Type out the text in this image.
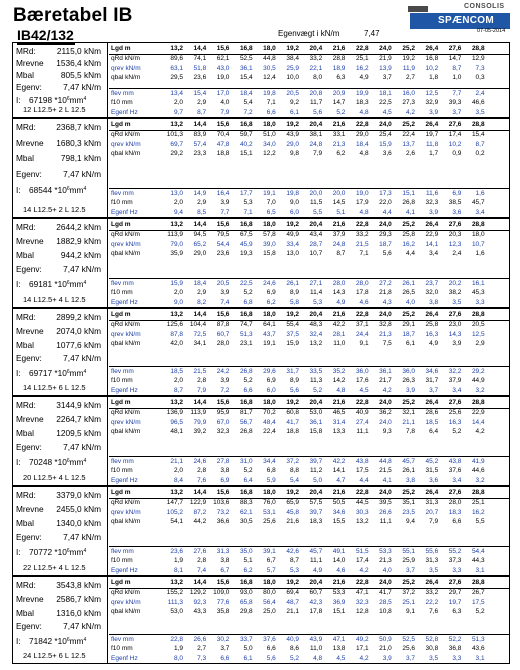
Bæretabel IB
IB42/132	Egenvægt i kN/m	7,47
CONSOLIS
SPÆNCOM
07-05-2014
MRd:	2115,0 kNm
Mrevne 1536,4 kNm
Mbal	805,5 kNm
Egenv:	7,47 kN/m
I: 67198 $*10^6mm^4$
12 L12.5+ 2 L 12.5
Lgd m	13,2	14,4	15,6	16,8	18,0	19,2	20,4	21,6	22,8	24,0	25,2	26,4	27,6	28,8
qRd kN/m	89,6	74,1	62,1	52,5	44,8	38,4	33,2	28,8	25,1	21,9	19,2	16,8	14,7	12,9
qrev kN/m	63,1	51,8	43,0	36,1	30,5	25,9	22,1	18,9	16,2	13,9	11,9	10,2	8,7	7,3
qbal kN/m	29,5	23,6	19,0	15,4	12,4	10,0	8,0	6,3	4,9	3,7	2,7	1,8	1,0	0,3
flev mm	13,4	15,4	17,0	18,4	19,8	20,5	20,8	20,9	19,9	18,1	16,0	12,5	7,7	2,4
f10 mm	2,0	2,9	4,0	5,4	7,1	9,2	11,7	14,7	18,3	22,5	27,3	32,9	39,3	46,6
Egenf Hz	9,7	8,7	7,9	7,2	6,6	6,1	5,6	5,2	4,8	4,5	4,2	3,9	3,7	3,5
MRd: 2368,7 kNm
Mrevne 1680,3 kNm
Mbal	798,1 kNm
Egenv:	7,47 kN/m
I: 68544 $*10^6mm^4$
14 L12.5+ 2 L 12.5
Lgd m	13,2	14,4	15,6	16,8	18,0	19,2	20,4	21,6	22,8	24,0	25,2	26,4	27,6	28,8
qRd kN/m	101,3	83,9	70,4	59,7	51,0	43,9	38,1	33,1	29,0	25,4	22,4	19,7	17,4	15,4
qrev kN/m	69,7	57,4	47,8	40,2	34,0	29,0	24,8	21,3	18,4	15,9	13,7	11,8	10,2	8,7
qbal kN/m	29,2	23,3	18,8	15,1	12,2	9,8	7,9	6,2	4,8	3,6	2,6	1,7	0,9	0,2
flev mm	13,0	14,9	16,4	17,7	19,1	19,8	20,0	20,0	19,0	17,3	15,1	11,6	6,9	1,6
f10 mm	2,0	2,9	3,9	5,3	7,0	9,0	11,5	14,5	17,9	22,0	26,8	32,3	38,5	45,7
Egenf Hz	9,4	8,5	7,7	7,1	6,5	6,0	5,5	5,1	4,8	4,4	4,1	3,9	3,6	3,4
MRd: 2644,2 kNm
Mrevne 1882,9 kNm
Mbal	944,2 kNm
Egenv:	7,47 kN/m
I: 69181 $*10^6mm^4$
14 L12.5+ 4 L 12.5
Lgd m	13,2	14,4	15,6	16,8	18,0	19,2	20,4	21,6	22,8	24,0	25,2	26,4	27,6	28,8
qRd kN/m	113,9	94,5	79,5	67,5	57,8	49,9	43,4	37,9	33,2	29,3	25,8	22,9	20,3	18,0
qrev kN/m	79,0	65,2	54,4	45,9	39,0	33,4	28,7	24,8	21,5	18,7	16,2	14,1	12,3	10,7
qbal kN/m	35,9	29,0	23,6	19,3	15,8	13,0	10,7	8,7	7,1	5,6	4,4	3,4	2,4	1,6
flev mm	15,9	18,4	20,5	22,5	24,6	26,1	27,1	28,0	28,0	27,2	26,1	23,7	20,2	16,1
f10 mm	2,0	2,9	3,9	5,2	6,9	8,9	11,4	14,3	17,8	21,8	26,5	32,0	38,2	45,3
Egenf Hz	9,0	8,2	7,4	6,8	6,2	5,8	5,3	4,9	4,6	4,3	4,0	3,8	3,5	3,3
MRd: 2899,2 kNm
Mrevne 2074,0 kNm
Mbal	1077,6 kNm
Egenv:	7,47 kN/m
I: 69717 $*10^6mm^4$
14 L12.5+ 6 L 12.5
Lgd m	13,2	14,4	15,6	16,8	18,0	19,2	20,4	21,6	22,8	24,0	25,2	26,4	27,6	28,8
qRd kN/m	125,6	104,4	87,8	74,7	64,1	55,4	48,3	42,2	37,1	32,8	29,1	25,8	23,0	20,5
qrev kN/m	87,8	72,5	60,7	51,3	43,7	37,5	32,4	28,1	24,4	21,3	18,7	16,3	14,3	12,5
qbal kN/m	42,0	34,1	28,0	23,1	19,1	15,9	13,2	11,0	9,1	7,5	6,1	4,9	3,9	2,9
flev mm	18,5	21,5	24,2	26,8	29,6	31,7	33,5	35,2	36,0	36,1	36,0	34,6	32,2	29,2
f10 mm	2,0	2,8	3,9	5,2	6,9	8,9	11,3	14,2	17,6	21,7	26,3	31,7	37,9	44,9
Egenf Hz	8,7	7,9	7,2	6,6	6,0	5,6	5,2	4,8	4,5	4,2	3,9	3,7	3,4	3,2
MRd: 3144,9 kNm
Mrevne 2264,7 kNm
Mbal	1209,5 kNm
Egenv:	7,47 kN/m
I: 70248 $*10^6mm^4$
20 L12.5+ 4 L 12.5
Lgd m	13,2	14,4	15,6	16,8	18,0	19,2	20,4	21,6	22,8	24,0	25,2	26,4	27,6	28,8
qRd kN/m	136,9	113,9	95,9	81,7	70,2	60,8	53,0	46,5	40,9	36,2	32,1	28,6	25,6	22,9
qrev kN/m	96,5	79,9	67,0	56,7	48,4	41,7	36,1	31,4	27,4	24,0	21,1	18,5	16,3	14,4
qbal kN/m	48,1	39,2	32,3	26,8	22,4	18,8	15,8	13,3	11,1	9,3	7,8	6,4	5,2	4,2
flev mm	21,1	24,6	27,8	31,0	34,4	37,2	39,7	42,2	43,8	44,8	45,7	45,2	43,8	41,9
f10 mm	2,0	2,8	3,8	5,2	6,8	8,8	11,2	14,1	17,5	21,5	26,1	31,5	37,6	44,6
Egenf Hz	8,4	7,6	6,9	6,4	5,9	5,4	5,0	4,7	4,4	4,1	3,8	3,6	3,4	3,2
MRd: 3379,0 kNm
Mrevne 2455,0 kNm
Mbal	1340,0 kNm
Egenv:	7,47 kN/m
I: 70772 $*10^6mm^4$
22 L12.5+ 4 L 12.5
Lgd m	13,2	14,4	15,6	16,8	18,0	19,2	20,4	21,6	22,8	24,0	25,2	26,4	27,6	28,8
qRd kN/m	147,7	122,9	103,6	88,3	76,0	65,9	57,5	50,5	44,5	39,5	35,1	31,3	28,0	25,1
qrev kN/m	105,2	87,2	73,2	62,1	53,1	45,8	39,7	34,6	30,3	26,6	23,5	20,7	18,3	16,2
qbal kN/m	54,1	44,2	36,6	30,5	25,6	21,6	18,3	15,5	13,2	11,1	9,4	7,9	6,6	5,5
flev mm	23,6	27,6	31,3	35,0	39,1	42,6	45,7	49,1	51,5	53,3	55,1	55,6	55,2	54,4
f10 mm	1,9	2,8	3,8	5,1	6,7	8,7	11,1	14,0	17,4	21,3	25,9	31,3	37,3	44,3
Egenf Hz	8,1	7,4	6,7	6,2	5,7	5,3	4,9	4,6	4,2	4,0	3,7	3,5	3,3	3,1
MRd: 3543,8 kNm
Mrevne 2586,7 kNm
Mbal	1316,0 kNm
Egenv:	7,47 kN/m
I: 71842 $*10^6mm^4$
24 L12.5+ 6 L 12.5
Lgd m	13,2	14,4	15,6	16,8	18,0	19,2	20,4	21,6	22,8	24,0	25,2	26,4	27,6	28,8
qRd kN/m	155,2	129,2	109,0	93,0	80,0	69,4	60,7	53,3	47,1	41,7	37,2	33,2	29,7	26,7
qrev kN/m	111,3	92,3	77,6	65,8	56,4	48,7	42,3	36,9	32,3	28,5	25,1	22,2	19,7	17,5
qbal kN/m	53,0	43,3	35,8	29,8	25,0	21,1	17,8	15,1	12,8	10,8	9,1	7,6	6,3	5,2
flev mm	22,8	26,6	30,2	33,7	37,6	40,9	43,9	47,1	49,2	50,9	52,5	52,8	52,2	51,3
f10 mm	1,9	2,7	3,7	5,0	6,6	8,6	11,0	13,8	17,1	21,0	25,6	30,8	36,8	43,6
Egenf Hz	8,0	7,3	6,6	6,1	5,6	5,2	4,8	4,5	4,2	3,9	3,7	3,5	3,3	3,1
